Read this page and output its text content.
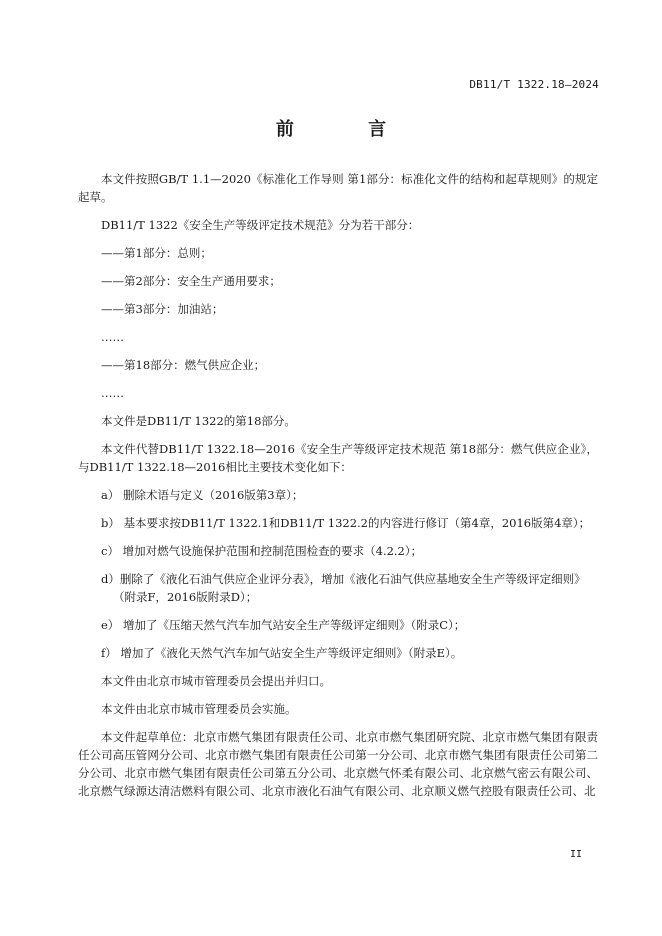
DB11/T 1322.18—2024
前 言

本文件按照GB/T 1.1—2020《标准化工作导则 第1部分：标准化文件的结构和起草规则》的规定起草。

DB11/T 1322《安全生产等级评定技术规范》分为若干部分：

——第1部分：总则；

——第2部分：安全生产通用要求；

——第3部分：加油站；

……

——第18部分：燃气供应企业；

……

本文件是DB11/T 1322的第18部分。

本文件代替DB11/T 1322.18—2016《安全生产等级评定技术规范 第18部分：燃气供应企业》，与DB11/T 1322.18—2016相比主要技术变化如下：

a） 删除术语与定义（2016版第3章）；

b） 基本要求按DB11/T 1322.1和DB11/T 1322.2的内容进行修订（第4章，2016版第4章）；

c） 增加对燃气设施保护范围和控制范围检查的要求（4.2.2）；

d）删除了《液化石油气供应企业评分表》，增加《液化石油气供应基地安全生产等级评定细则》（附录F，2016版附录D）；

e） 增加了《压缩天然气汽车加气站安全生产等级评定细则》（附录C）；

f） 增加了《液化天然气汽车加气站安全生产等级评定细则》（附录E）。

本文件由北京市城市管理委员会提出并归口。

本文件由北京市城市管理委员会实施。

本文件起草单位：北京市燃气集团有限责任公司、北京市燃气集团研究院、北京市燃气集团有限责任公司高压管网分公司、北京市燃气集团有限责任公司第一分公司、北京市燃气集团有限责任公司第二分公司、北京市燃气集团有限责任公司第五分公司、北京燃气怀柔有限公司、北京燃气密云有限公司、北京燃气绿源达清洁燃料有限公司、北京市液化石油气有限公司、北京顺义燃气控股有限责任公司、北

II
